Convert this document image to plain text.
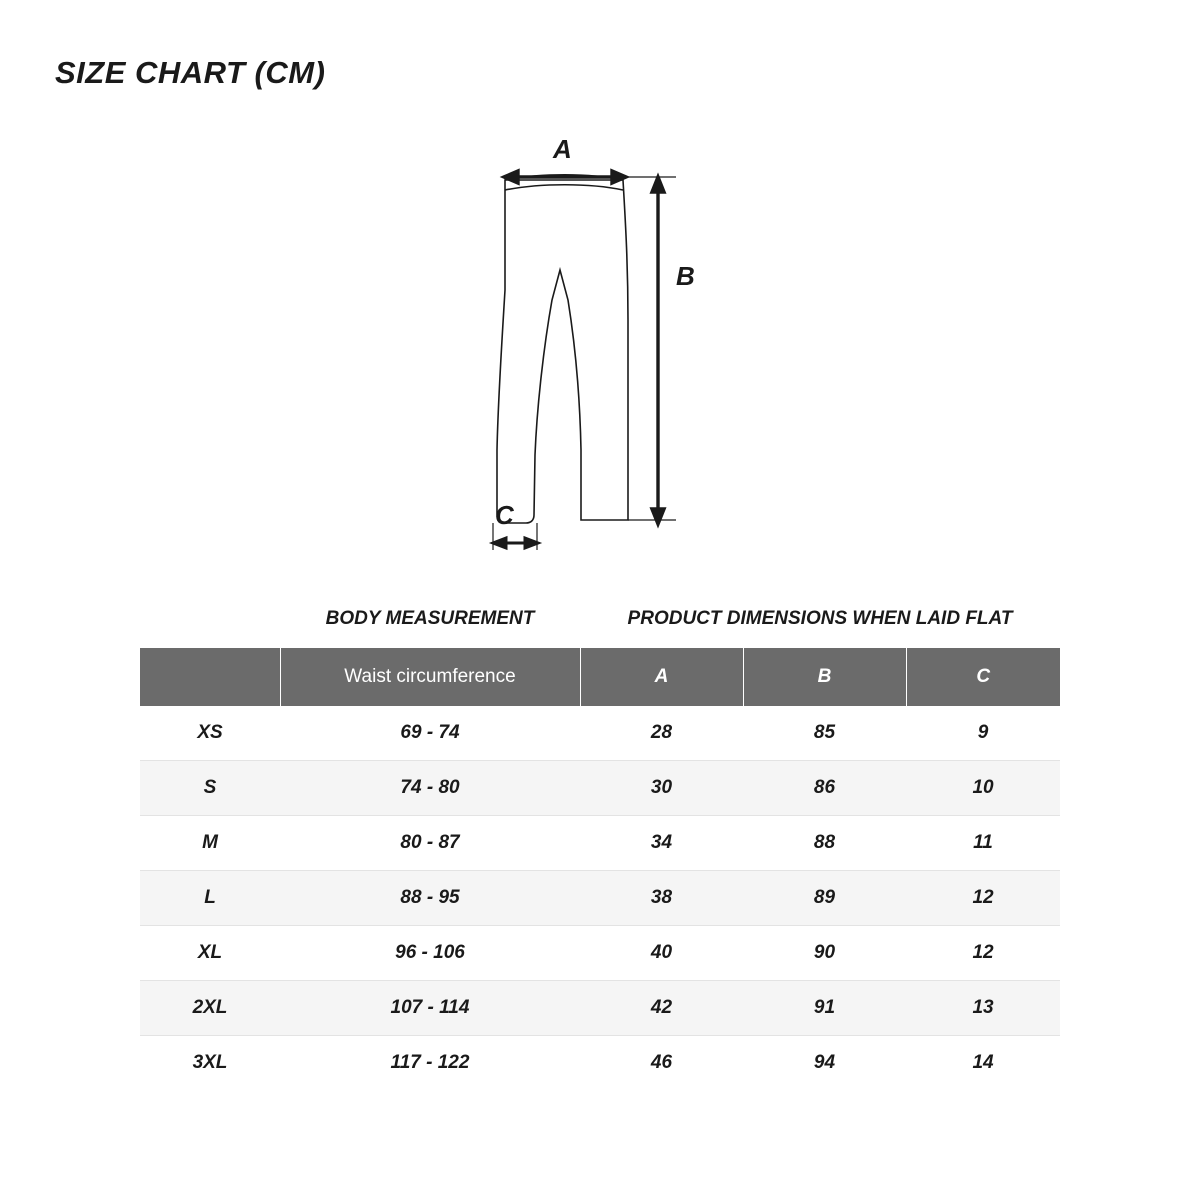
SIZE CHART (CM)
A
B
C
	BODY MEASUREMENT	PRODUCT DIMENSIONS WHEN LAID FLAT		
	Waist circumference	A	B	C
XS	69 - 74	28	85	9
S	74 - 80	30	86	10
M	80 - 87	34	88	11
L	88 - 95	38	89	12
XL	96 - 106	40	90	12
2XL	107 - 114	42	91	13
3XL	117 - 122	46	94	14
